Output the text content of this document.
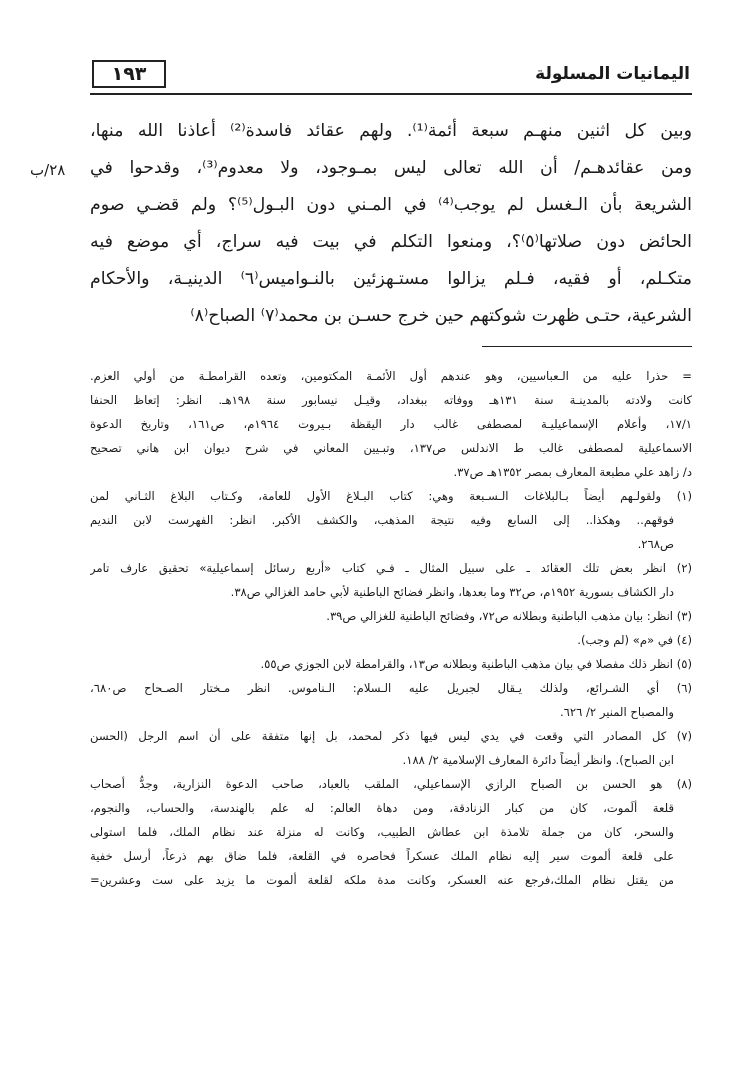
١٩٣	اليمانيات المسلولة
٢٨/ب
وبين كل اثنين منهـم سبعة أئمة⁽¹⁾. ولهم عقائد فاسدة⁽²⁾ أعاذنا الله منها،
ومن عقائدهـم/ أن الله تعالى ليس بمـوجود، ولا معدوم⁽³⁾، وقدحوا في
الشريعة بأن الـغسل لم يوجب⁽⁴⁾ في المـني دون البـول⁽⁵⁾؟ ولم قضـي صوم
الحائض دون صلاتها⁽٥⁾؟، ومنعوا التكلم في بيت فيه سراج، أي موضع فيه
متكـلم، أو فقيه، فـلم يزالوا مستـهزئين بالنـواميس⁽٦⁾ الدينيـة، والأحكام
الشرعية، حتـى ظهرت شوكتهم حين خرج حسـن بن محمد⁽٧⁾ الصباح⁽٨⁾
= حذرا عليه من الـعباسيين، وهو عندهم أول الأئمـة المكتومين، وتعده القرامطـة من أولي العزم.
كانت ولادته بالمدينـة سنة ١٣١هـ ووفاته ببغداد، وقيـل نيسابور سنة ١٩٨هـ. انظر: إتعاظ الحنفا
١٧/١، وأعلام الإسماعيليـة لمصطفى غالب دار اليقظة بـيروت ١٩٦٤م، ص١٦١، وتاريخ الدعوة
الاسماعيلية لمصطفى غالب ط الاندلس ص١٣٧، وتبـيين المعاني في شرح ديوان ابن هاني تصحيح
د/ زاهد علي مطبعة المعارف بمصر ١٣٥٢هـ ص٣٧.
(١) ولقولـهم أيضاً بـالبلاغات الـسـبعة وهي: كتاب البـلاغ الأول للعامة، وكـتاب البلاغ الثـاني لمن
فوقهم.. وهكذا.. إلى السابع وفيه نتيجة المذهب، والكشف الأكبر. انظر: الفهرست لابن النديم
ص٢٦٨.
(٢) انظر بعض تلك العقائد ـ على سبيل المثال ـ فـي كتاب «أربع رسائل إسماعيلية» تحقيق عارف تامر
دار الكشاف بسورية ١٩٥٢م، ص٣٢ وما بعدها، وانظر فضائح الباطنية لأبي حامد الغزالي ص٣٨.
(٣) انظر: بيان مذهب الباطنية وبطلانه ص٧٢، وفضائح الباطنية للغزالي ص٣٩.
(٤) في «م» (لم وجب).
(٥) انظر ذلك مفصلا في بيان مذهب الباطنية وبطلانه ص١٣، والقرامطة لابن الجوزي ص٥٥.
(٦) أي الشـرائع، ولذلك يـقال لجبريل عليه الـسلام: الـناموس. انظر مـختار الصـحاح ص٦٨٠،
والمصباح المنير ٢/ ٦٢٦.
(٧) كل المصادر التي وقعت في يدي ليس فيها ذكر لمحمد، بل إنها متفقة على أن اسم الرجل (الحسن
ابن الصباح). وانظر أيضاً دائرة المعارف الإسلامية ٢/ ١٨٨.
(٨) هو الحسن بن الصباح الرازي الإسماعيلي، الملقب بالعباد، صاحب الدعوة النزارية، وجدُّ أصحاب
قلعة ألَموت، كان من كبار الزنادقة، ومن دهاة العالم: له علم بالهندسة، والحساب، والنجوم،
والسحر، كان من جملة تلامذة ابن عطاش الطبيب، وكانت له منزلة عند نظام الملك، فلما استولى
على قلعة ألموت سير إليه نظام الملك عسكراً فحاصره في القلعة، فلما ضاق بهم ذرعاً، أرسل خفية
من يقتل نظام الملك،فرجع عنه العسكر، وكانت مدة ملكه لقلعة ألموت ما يزيد على ست وعشرين=
